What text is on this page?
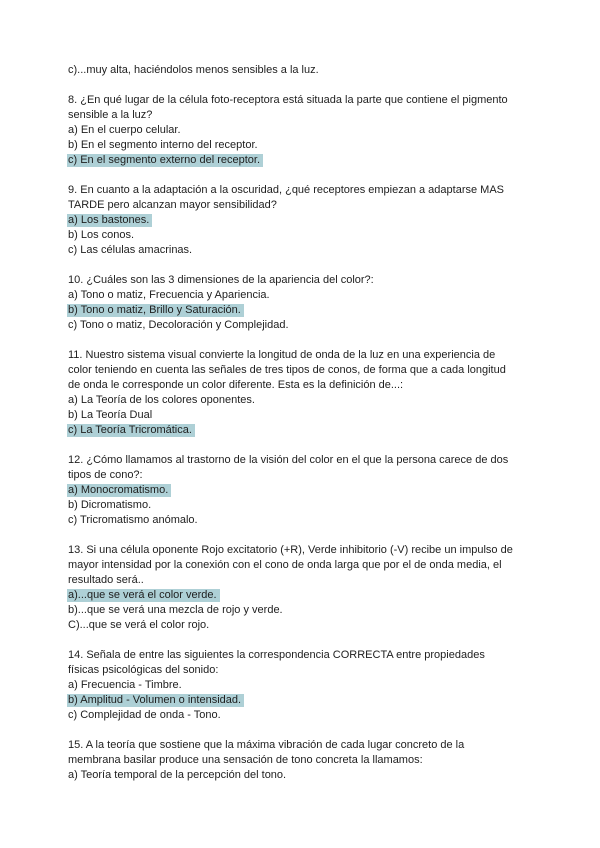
c)...muy alta, haciéndolos menos sensibles a la luz.
8. ¿En qué lugar de la célula foto-receptora está situada la parte que contiene el pigmento
sensible a la luz?
a) En el cuerpo celular.
b) En el segmento interno del receptor.
c) En el segmento externo del receptor.
9. En cuanto a la adaptación a la oscuridad, ¿qué receptores empiezan a adaptarse MAS
TARDE pero alcanzan mayor sensibilidad?
a) Los bastones.
b) Los conos.
c) Las células amacrinas.
10. ¿Cuáles son las 3 dimensiones de la apariencia del color?:
a) Tono o matiz, Frecuencia y Apariencia.
b) Tono o matiz, Brillo y Saturación.
c) Tono o matiz, Decoloración y Complejidad.
11. Nuestro sistema visual convierte la longitud de onda de la luz en una experiencia de
color teniendo en cuenta las señales de tres tipos de conos, de forma que a cada longitud
de onda le corresponde un color diferente. Esta es la definición de...:
a) La Teoría de los colores oponentes.
b) La Teoría Dual
c) La Teoría Tricromática.
12. ¿Cómo llamamos al trastorno de la visión del color en el que la persona carece de dos
tipos de cono?:
a) Monocromatismo.
b) Dicromatismo.
c) Tricromatismo anómalo.
13. Si una célula oponente Rojo excitatorio (+R), Verde inhibitorio (-V) recibe un impulso de
mayor intensidad por la conexión con el cono de onda larga que por el de onda media, el
resultado será..
a)...que se verá el color verde.
b)...que se verá una mezcla de rojo y verde.
C)...que se verá el color rojo.
14. Señala de entre las siguientes la correspondencia CORRECTA entre propiedades
físicas psicológicas del sonido:
a) Frecuencia - Timbre.
b) Amplitud - Volumen o intensidad.
c) Complejidad de onda - Tono.
15. A la teoría que sostiene que la máxima vibración de cada lugar concreto de la
membrana basilar produce una sensación de tono concreta la llamamos:
a) Teoría temporal de la percepción del tono.
